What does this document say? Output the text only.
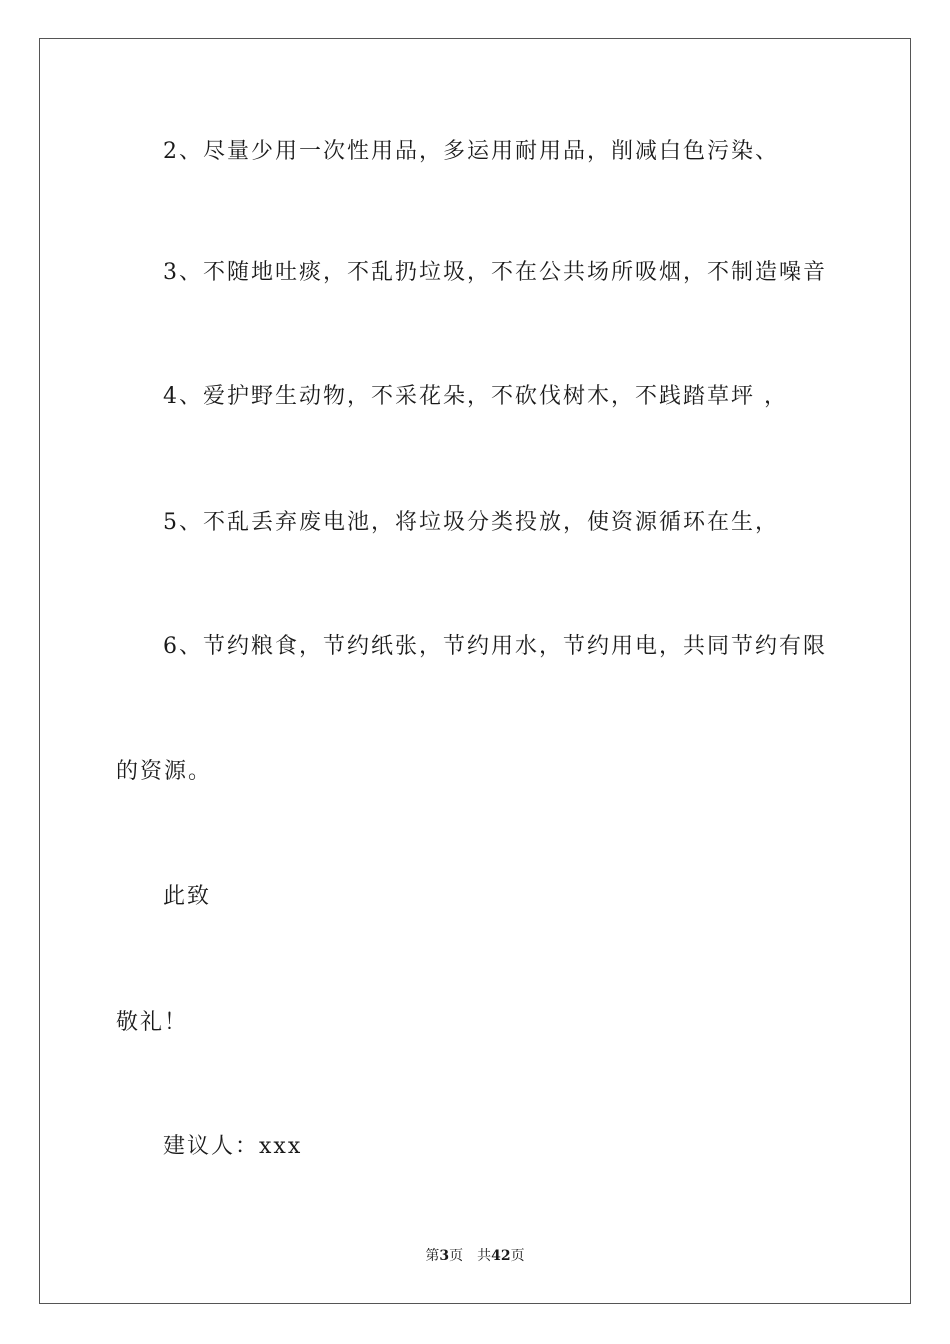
2、尽量少用一次性用品，多运用耐用品，削减白色污染、
3、不随地吐痰，不乱扔垃圾，不在公共场所吸烟，不制造噪音
4、爱护野生动物，不采花朵，不砍伐树木，不践踏草坪 ，
5、不乱丢弃废电池，将垃圾分类投放，使资源循环在生，
6、节约粮食，节约纸张，节约用水，节约用电，共同节约有限
的资源。
此致
敬礼！
建议人：xxx
第3页 共42页
